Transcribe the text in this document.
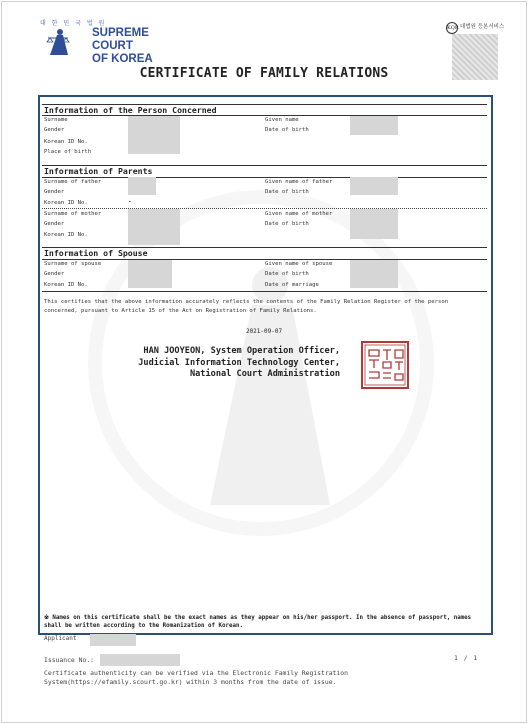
대 한 민 국 법 원
SUPREME COURT
OF KOREA
KQR 대법원 등본서비스
CERTIFICATE OF FAMILY RELATIONS
Information of the Person Concerned
Surname
Gender
Korean ID No.
Place of birth
Given name
Date of birth
Information of Parents
Surname of father
Gender
Korean ID No.	-
Given name of father
Date of birth
Surname of mother
Gender
Korean ID No.
Given name of mother
Date of birth
Information of Spouse
Surname of spouse
Gender
Korean ID No.
Given name of spouse
Date of birth
Date of marriage
This certifies that the above information accurately reflects the contents of the Family Relation Register of the person concerned, pursuant to Article 15 of the Act on Registration of Family Relations.
2021-09-07
HAN JOOYEON, System Operation Officer,
Judicial Information Technology Center,
National Court Administration
※ Names on this certificate shall be the exact names as they appear on his/her passport. In the absence of passport, names shall be written according to the Romanization of Korean.
Applicant
Issuance No.:	1 / 1
Certificate authenticity can be verified via the Electronic Family Registration System(https://efamily.scourt.go.kr) within 3 months from the date of issue.
